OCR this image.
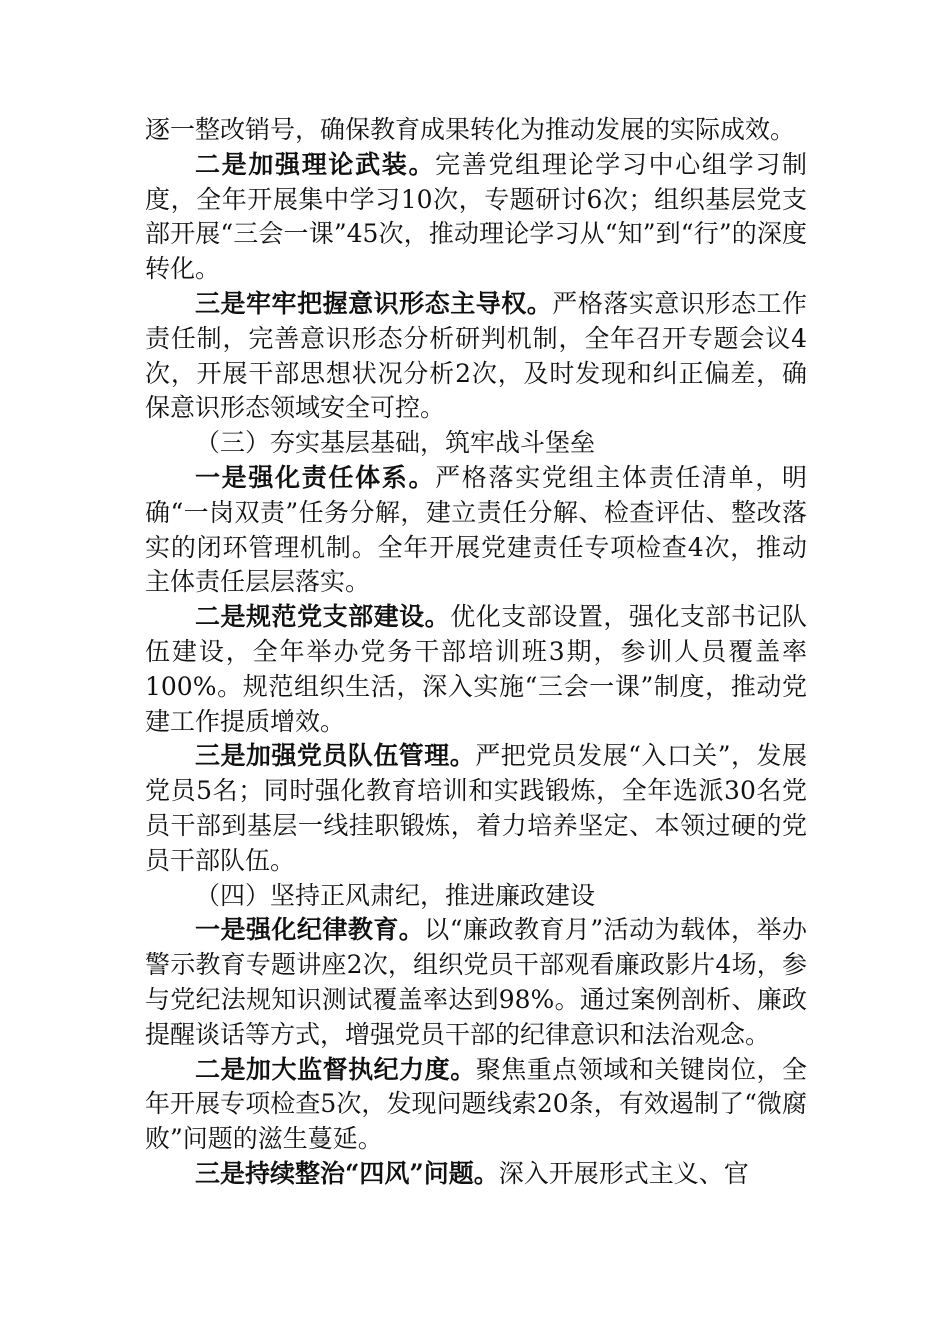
逐一整改销号，确保教育成果转化为推动发展的实际成效。

二是加强理论武装。完善党组理论学习中心组学习制度，全年开展集中学习10次，专题研讨6次；组织基层党支部开展“三会一课”45次，推动理论学习从“知”到“行”的深度转化。

三是牢牢把握意识形态主导权。严格落实意识形态工作责任制，完善意识形态分析研判机制，全年召开专题会议4次，开展干部思想状况分析2次，及时发现和纠正偏差，确保意识形态领域安全可控。

（三）夯实基层基础，筑牢战斗堡垒

一是强化责任体系。严格落实党组主体责任清单，明确“一岗双责”任务分解，建立责任分解、检查评估、整改落实的闭环管理机制。全年开展党建责任专项检查4次，推动主体责任层层落实。

二是规范党支部建设。优化支部设置，强化支部书记队伍建设，全年举办党务干部培训班3期，参训人员覆盖率100%。规范组织生活，深入实施“三会一课”制度，推动党建工作提质增效。

三是加强党员队伍管理。严把党员发展“入口关”，发展党员5名；同时强化教育培训和实践锻炼，全年选派30名党员干部到基层一线挂职锻炼，着力培养坚定、本领过硬的党员干部队伍。

（四）坚持正风肃纪，推进廉政建设

一是强化纪律教育。以“廉政教育月”活动为载体，举办警示教育专题讲座2次，组织党员干部观看廉政影片4场，参与党纪法规知识测试覆盖率达到98%。通过案例剖析、廉政提醒谈话等方式，增强党员干部的纪律意识和法治观念。

二是加大监督执纪力度。聚焦重点领域和关键岗位，全年开展专项检查5次，发现问题线索20条，有效遏制了“微腐败”问题的滋生蔓延。

三是持续整治“四风”问题。深入开展形式主义、官
